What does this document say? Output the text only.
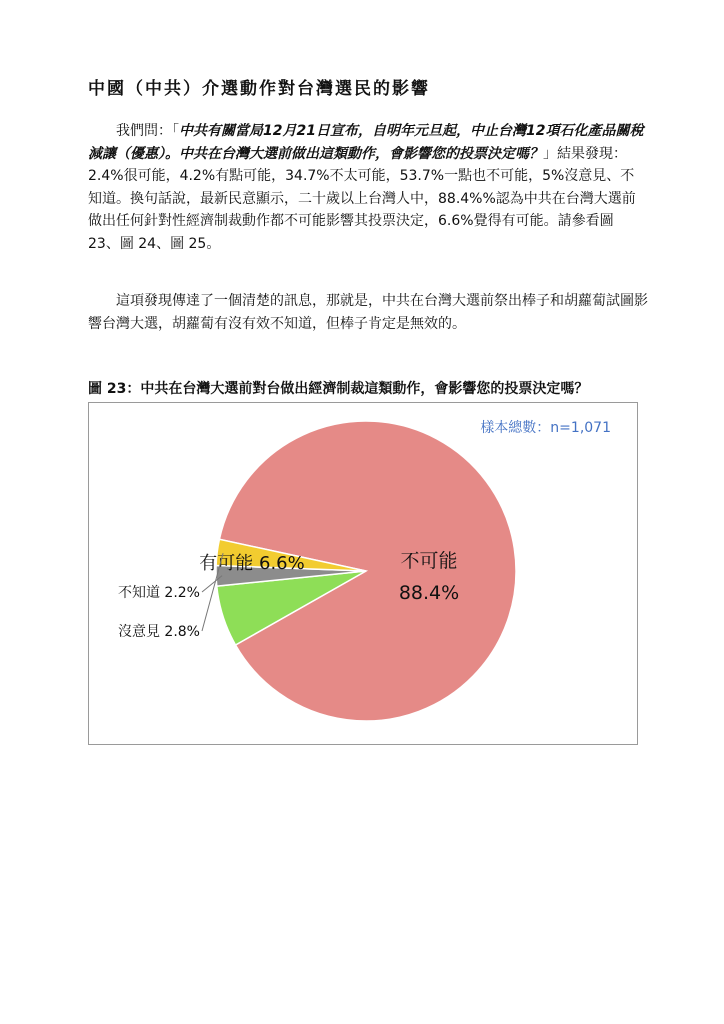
中國（中共）介選動作對台灣選民的影響

我們問：「中共有關當局12月21日宣布，自明年元旦起，中止台灣12項石化產品關稅減讓（優惠）。中共在台灣大選前做出這類動作，會影響您的投票決定嗎？」結果發現：2.4%很可能，4.2%有點可能，34.7%不太可能，53.7%一點也不可能，5%沒意見、不知道。換句話說，最新民意顯示，二十歲以上台灣人中，88.4%%認為中共在台灣大選前做出任何針對性經濟制裁動作都不可能影響其投票決定，6.6%覺得有可能。請參看圖 23、圖 24、圖 25。

這項發現傳達了一個清楚的訊息，那就是，中共在台灣大選前祭出棒子和胡蘿蔔試圖影響台灣大選，胡蘿蔔有沒有效不知道，但棒子肯定是無效的。

圖 23：中共在台灣大選前對台做出經濟制裁這類動作，會影響您的投票決定嗎？
不可能
88.4%
有可能 6.6%
不知道 2.2%
沒意見 2.8%
樣本總數：n=1,071
